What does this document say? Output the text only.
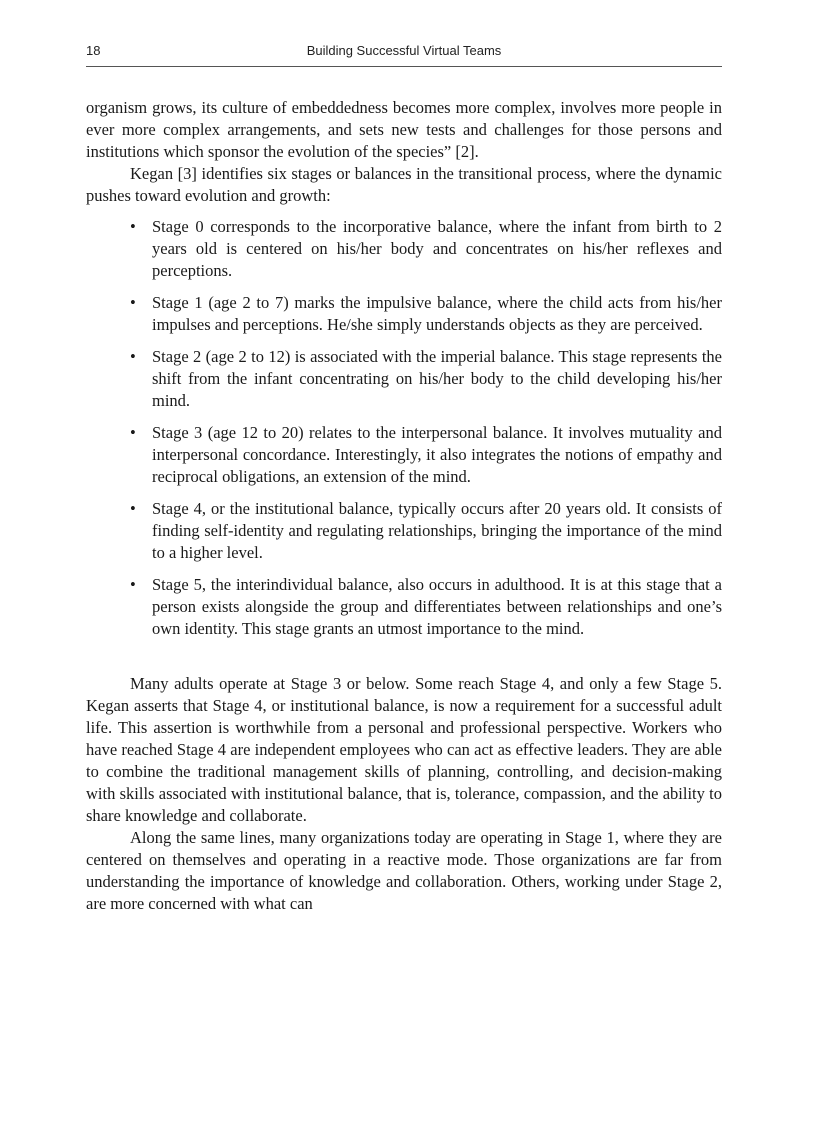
18	Building Successful Virtual Teams

organism grows, its culture of embeddedness becomes more complex, involves more people in ever more complex arrangements, and sets new tests and challenges for those persons and institutions which sponsor the evolution of the species” [2].

Kegan [3] identifies six stages or balances in the transitional process, where the dynamic pushes toward evolution and growth:

• Stage 0 corresponds to the incorporative balance, where the infant from birth to 2 years old is centered on his/her body and concentrates on his/her reflexes and perceptions.
• Stage 1 (age 2 to 7) marks the impulsive balance, where the child acts from his/her impulses and perceptions. He/she simply understands objects as they are perceived.
• Stage 2 (age 2 to 12) is associated with the imperial balance. This stage represents the shift from the infant concentrating on his/her body to the child developing his/her mind.
• Stage 3 (age 12 to 20) relates to the interpersonal balance. It involves mutuality and interpersonal concordance. Interestingly, it also integrates the notions of empathy and reciprocal obligations, an extension of the mind.
• Stage 4, or the institutional balance, typically occurs after 20 years old. It consists of finding self-identity and regulating relationships, bringing the importance of the mind to a higher level.
• Stage 5, the interindividual balance, also occurs in adulthood. It is at this stage that a person exists alongside the group and differentiates between relationships and one’s own identity. This stage grants an utmost importance to the mind.

Many adults operate at Stage 3 or below. Some reach Stage 4, and only a few Stage 5. Kegan asserts that Stage 4, or institutional balance, is now a requirement for a successful adult life. This assertion is worthwhile from a personal and professional perspective. Workers who have reached Stage 4 are independent employees who can act as effective leaders. They are able to combine the traditional management skills of planning, controlling, and decision-making with skills associated with institutional balance, that is, tolerance, compassion, and the ability to share knowledge and collaborate.

Along the same lines, many organizations today are operating in Stage 1, where they are centered on themselves and operating in a reactive mode. Those organizations are far from understanding the importance of knowledge and collaboration. Others, working under Stage 2, are more concerned with what can
